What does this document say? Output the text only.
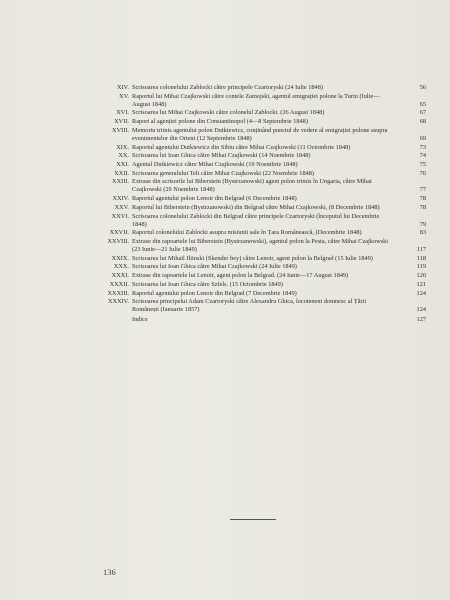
XIV. Scrisoarea colonelului Zablocki către principele Czartoryski (24 Iulie 1848)	56
XV. Raportul lui Mihai Czajkowski către contele Zamojski, agentul emigrației polone la Turin (Iulie—August 1848)	65
XVI. Scrisoarea lui Mihai Czajkowski către colonelul Zablocki. (26 August 1848)	67
XVII. Raport al agenției polone din Constantinopol (4—8 Septembrie 1848)	68
XVIII. Memoriu trimis agentului polon Dutkiewicz, conținând punctul de vedere al emigrației polone asupra evenimentelor din Orient (12 Septembrie 1848)	69
XIX. Raportul agentului Dutkiewicz din Sibiu către Mihai Czajkowski (11 Octombrie 1848)	73
XX. Scrisoarea lui Ioan Ghica către Mihai Czajkowski (14 Noembrie 1848)	74
XXI. Agentul Dutkiewicz către Mihai Czajkowski (19 Noembrie 1848)	75
XXII. Scrisoarea generalului Teli către Mihai Czajkowski (22 Noembrie 1848)	76
XXIII. Extrase din scrisorile lui Biberstein (Bystrzanowski) agent polon trimis în Ungaria, către Mihai Czajkowski (29 Noembrie 1848)	77
XXIV. Raportul agentului polon Lenoir din Belgrad (6 Decembrie 1848)	78
XXV. Raportul lui Biberstein (Bystrzanowski) din Belgrad către Mihai Czajkowski, (8 Decembrie 1848)	78
XXVI. Scrisoarea colonelului Zablocki din Belgrad către principele Czartoryski (începutul lui Decembrie 1848)	79
XXVII. Raportul colonelului Zablocki asupra misiunii sale în Țara Românească, (Decembrie 1848)	83
XXVIII. Extrase din rapoartele lui Biberstein (Bystrzanowski), agentul polon la Pesta, către Mihai Czajkowski (23 Iunie—21 Iulie 1849)	117
XXIX. Scrisoarea lui Mihail Iliinski (Skender bey) către Lenoir, agent polon la Belgrad (15 Iulie 1849)	118
XXX. Scrisoarea lui Ioan Ghica către Mihai Czajkowski (24 Iulie 1849)	119
XXXI. Extrase din rapoartele lui Lenoir, agent polon la Belgrad. (24 Iunie—17 August 1849)	120
XXXII. Scrisoarea lui Ioan Ghica către Szfels. (15 Octombrie 1849)	121
XXXIII. Raportul agentului polon Lenoir din Belgrad (7 Decembrie 1849)	124
XXXIV. Scrisoarea principelui Adam Czartoryski către Alexandru Ghica, locotenent domnesc al Țării Românești (Ianuarie 1857)	124
Indice	127
136
